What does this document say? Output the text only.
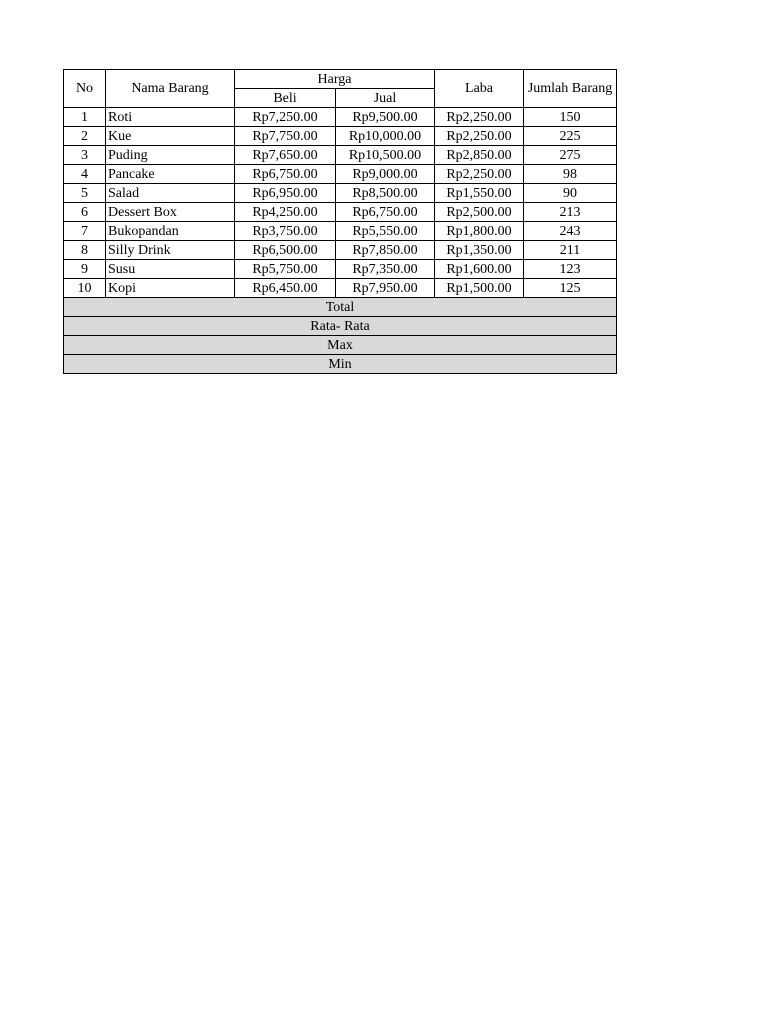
No	Nama Barang	Harga		Laba	Jumlah Barang
		Beli	Jual		
1	Roti	Rp7,250.00	Rp9,500.00	Rp2,250.00	150
2	Kue	Rp7,750.00	Rp10,000.00	Rp2,250.00	225
3	Puding	Rp7,650.00	Rp10,500.00	Rp2,850.00	275
4	Pancake	Rp6,750.00	Rp9,000.00	Rp2,250.00	98
5	Salad	Rp6,950.00	Rp8,500.00	Rp1,550.00	90
6	Dessert Box	Rp4,250.00	Rp6,750.00	Rp2,500.00	213
7	Bukopandan	Rp3,750.00	Rp5,550.00	Rp1,800.00	243
8	Silly Drink	Rp6,500.00	Rp7,850.00	Rp1,350.00	211
9	Susu	Rp5,750.00	Rp7,350.00	Rp1,600.00	123
10	Kopi	Rp6,450.00	Rp7,950.00	Rp1,500.00	125
Total					
Rata- Rata					
Max					
Min					
